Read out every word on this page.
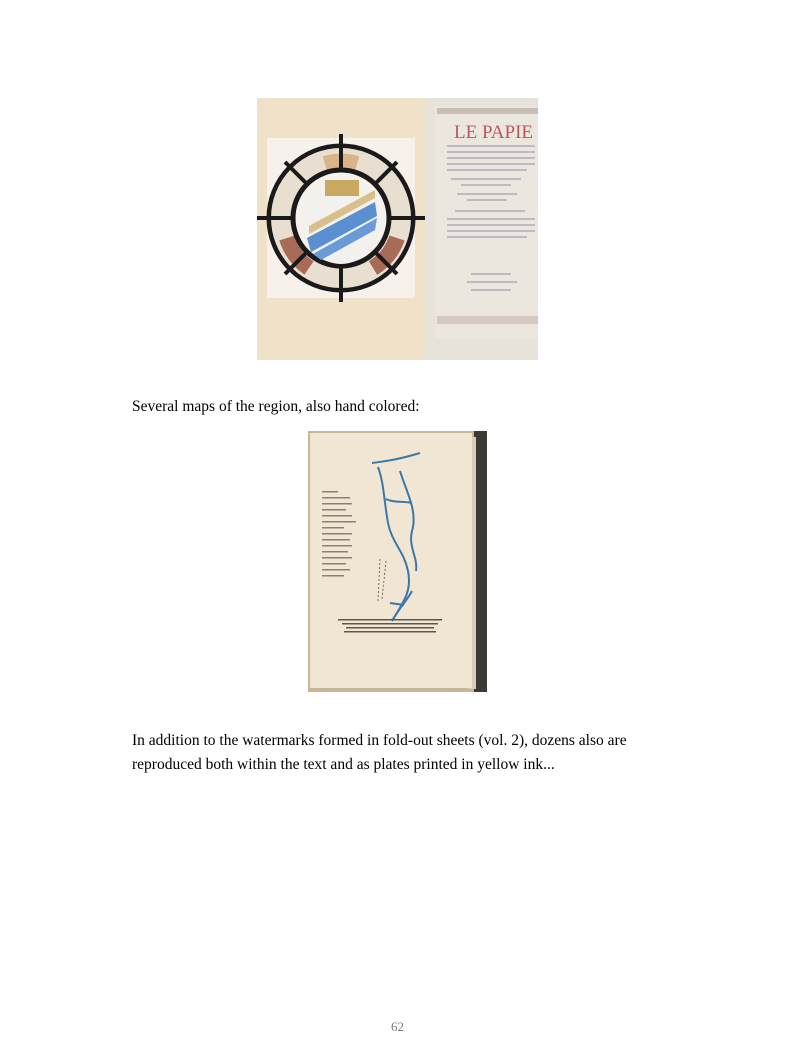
LE PAPIE

Several maps of the region, also hand colored:

In addition to the watermarks formed in fold-out sheets (vol. 2), dozens also are reproduced both within the text and as plates printed in yellow ink...

62
